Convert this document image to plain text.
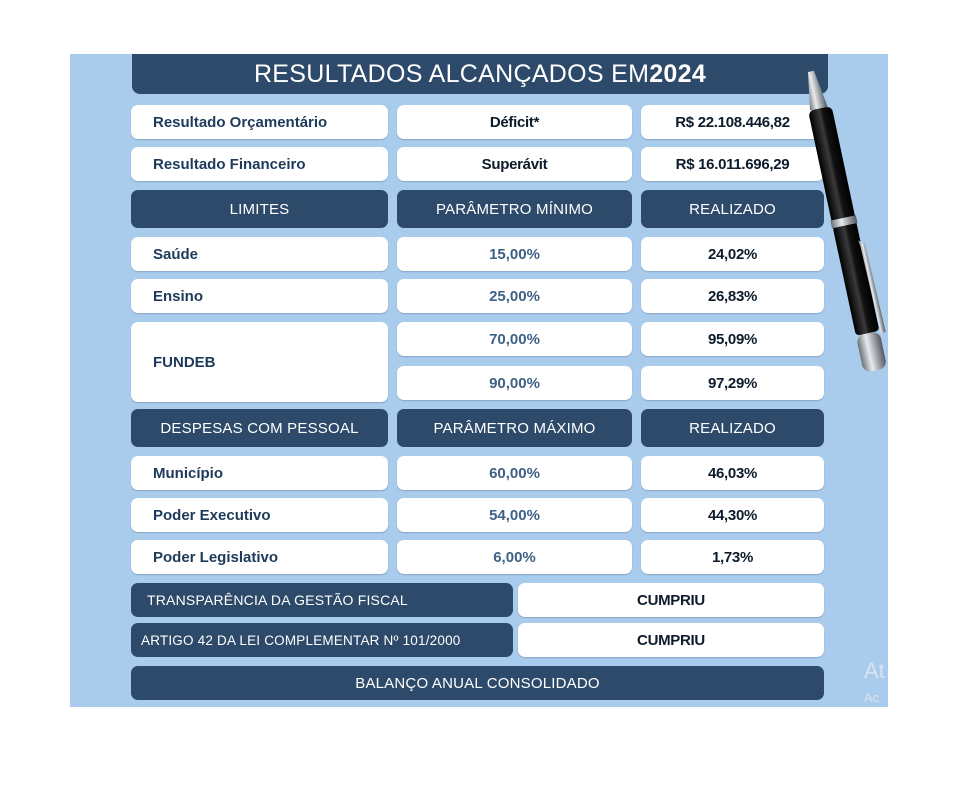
RESULTADOS ALCANÇADOS EM 2024
Resultado Orçamentário	Déficit*	R$ 22.108.446,82
Resultado Financeiro	Superávit	R$ 16.011.696,29
LIMITES	PARÂMETRO MÍNIMO	REALIZADO
Saúde	15,00%	24,02%
Ensino	25,00%	26,83%
FUNDEB
70,00%	95,09%
90,00%	97,29%
DESPESAS COM PESSOAL	PARÂMETRO MÁXIMO	REALIZADO
Município	60,00%	46,03%
Poder Executivo	54,00%	44,30%
Poder Legislativo	6,00%	1,73%
TRANSPARÊNCIA DA GESTÃO FISCAL	CUMPRIU
ARTIGO 42 DA LEI COMPLEMENTAR Nº 101/2000	CUMPRIU
BALANÇO ANUAL CONSOLIDADO	At
Ac
